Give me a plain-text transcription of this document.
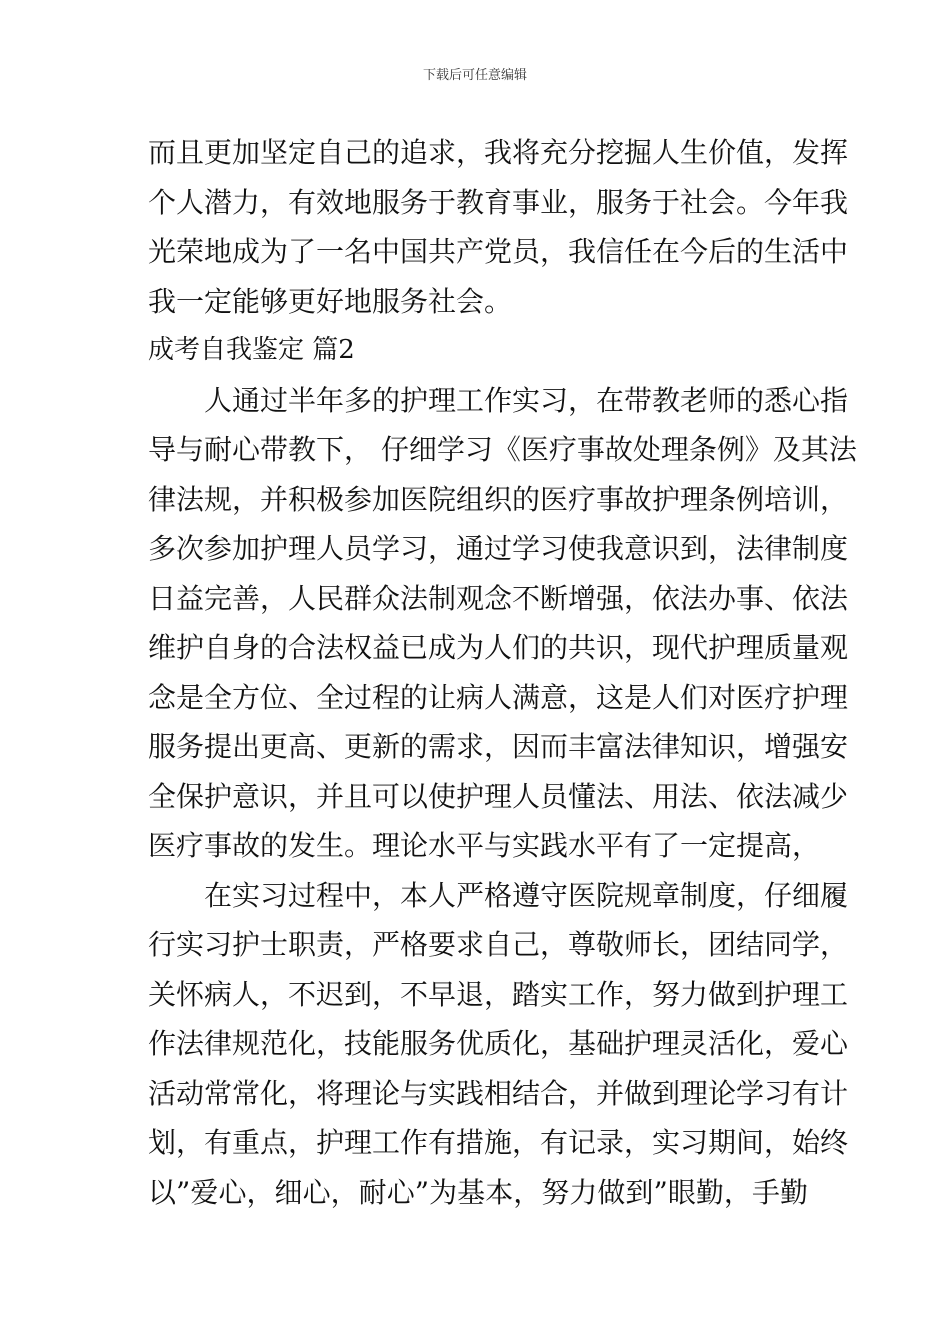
下载后可任意编辑
而且更加坚定自己的追求，我将充分挖掘人生价值，发挥
个人潜力，有效地服务于教育事业，服务于社会。今年我
光荣地成为了一名中国共产党员，我信任在今后的生活中
我一定能够更好地服务社会。
成考自我鉴定 篇2
人通过半年多的护理工作实习，在带教老师的悉心指
导与耐心带教下， 仔细学习《医疗事故处理条例》及其法
律法规，并积极参加医院组织的医疗事故护理条例培训，
多次参加护理人员学习，通过学习使我意识到，法律制度
日益完善，人民群众法制观念不断增强，依法办事、依法
维护自身的合法权益已成为人们的共识，现代护理质量观
念是全方位、全过程的让病人满意，这是人们对医疗护理
服务提出更高、更新的需求，因而丰富法律知识，增强安
全保护意识，并且可以使护理人员懂法、用法、依法减少
医疗事故的发生。理论水平与实践水平有了一定提高，
在实习过程中，本人严格遵守医院规章制度，仔细履
行实习护士职责，严格要求自己，尊敬师长，团结同学，
关怀病人，不迟到，不早退，踏实工作，努力做到护理工
作法律规范化，技能服务优质化，基础护理灵活化，爱心
活动常常化，将理论与实践相结合，并做到理论学习有计
划，有重点，护理工作有措施，有记录，实习期间，始终
以”爱心，细心，耐心”为基本，努力做到”眼勤，手勤
